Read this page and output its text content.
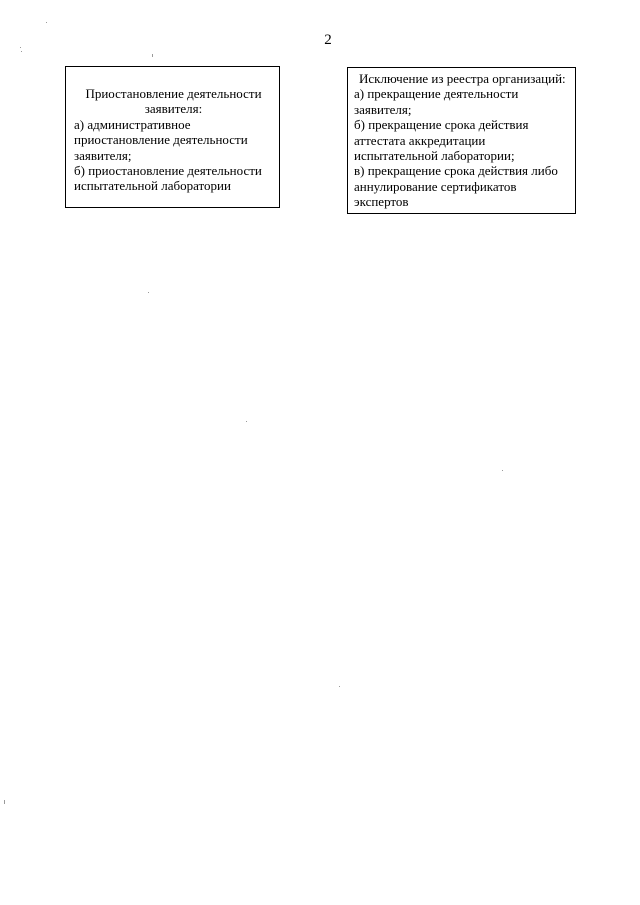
2

Приостановление деятельности
заявителя:

а) административное

приостановление деятельности

заявителя;

б) приостановление деятельности

испытательной лаборатории

Исключение из реестра организаций:

а) прекращение деятельности

заявителя;

б) прекращение срока действия

аттестата аккредитации

испытательной лаборатории;

в) прекращение срока действия либо

аннулирование сертификатов

экспертов
